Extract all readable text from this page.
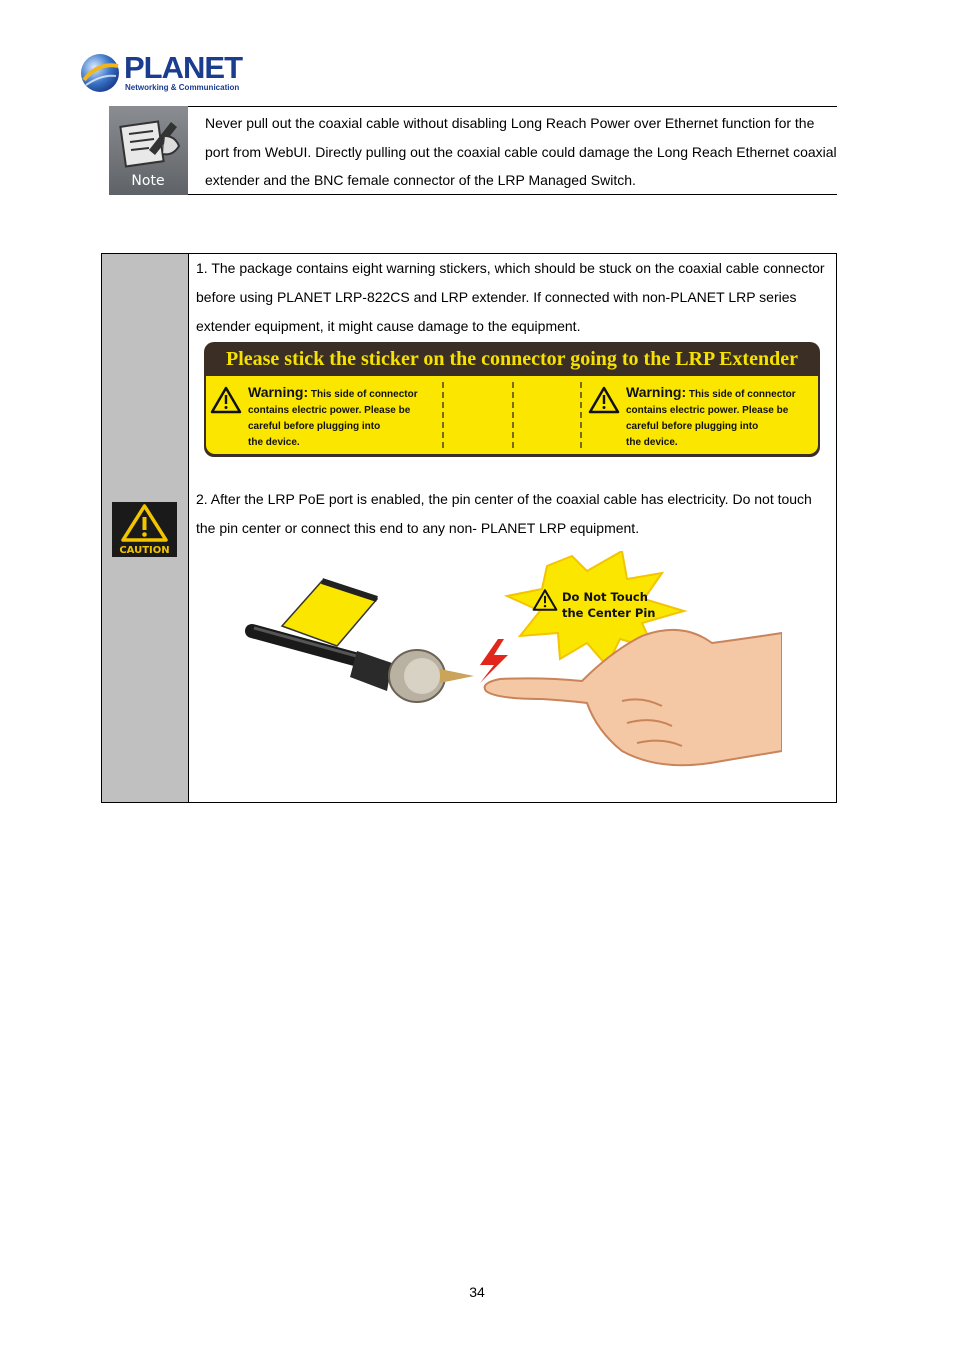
PLANET
Networking & Communication
Note
Never pull out the coaxial cable without disabling Long Reach Power over Ethernet function for the port from WebUI. Directly pulling out the coaxial cable could damage the Long Reach Ethernet coaxial extender and the BNC female connector of the LRP Managed Switch.
CAUTION
1. The package contains eight warning stickers, which should be stuck on the coaxial cable connector before using PLANET LRP-822CS and LRP extender. If connected with non-PLANET LRP series extender equipment, it might cause damage to the equipment.
Please stick the sticker on the connector going to the LRP Extender
Warning: This side of connector
contains electric power. Please be
careful before plugging into
the device.
Warning: This side of connector
contains electric power. Please be
careful before plugging into
the device.
2. After the LRP PoE port is enabled, the pin center of the coaxial cable has electricity. Do not touch the pin center or connect this end to any non- PLANET LRP equipment.
Do Not Touch
the Center Pin
34
